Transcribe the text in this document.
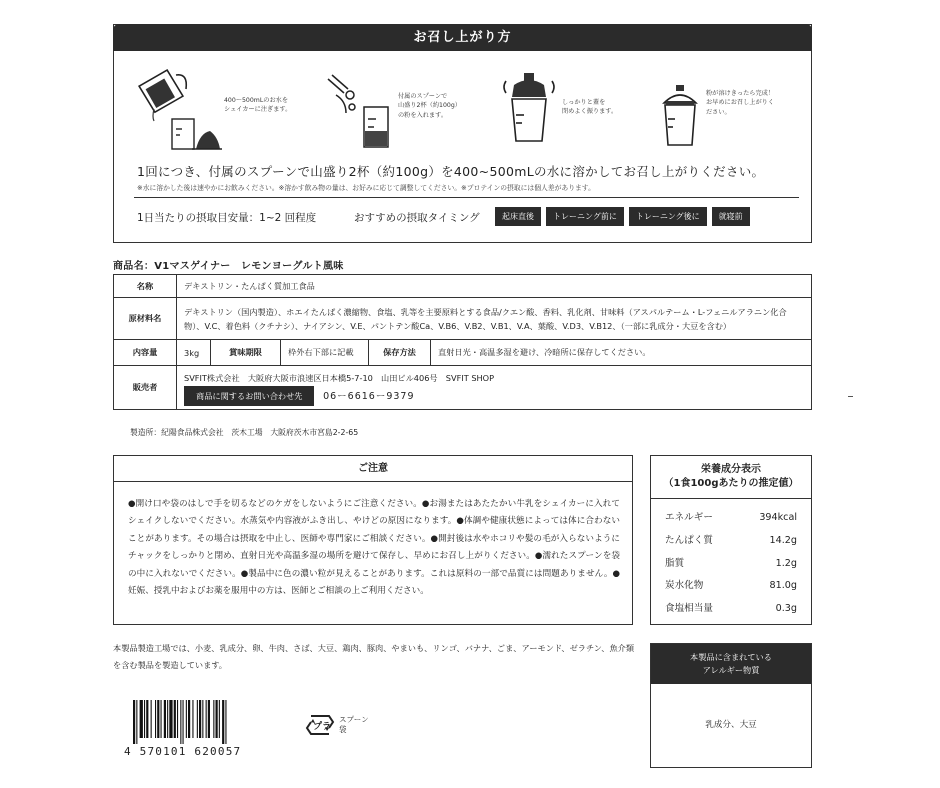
お召し上がり方
400～500mLのお水を
シェイカーに注ぎます。
付属のスプーンで
山盛り2杯（約100g）
の粉を入れます。
しっかりと蓋を
閉めよく振ります。
粉が溶けきったら完成！
お早めにお召し上がりく
ださい。
1回につき、付属のスプーンで山盛り2杯（約100g）を400~500mLの水に溶かしてお召し上がりください。
※水に溶かした後は速やかにお飲みください。※溶かす飲み物の量は、お好みに応じて調整してください。※プロテインの摂取には個人差があります。
1日当たりの摂取目安量：1~2 回程度	おすすめの摂取タイミング	起床直後	トレーニング前に	トレーニング後に	就寝前
商品名：V1マスゲイナー　レモンヨーグルト風味
名称	デキストリン・たんぱく質加工食品				
原材料名	デキストリン（国内製造）、ホエイたんぱく濃縮物、食塩、乳等を主要原料とする食品/クエン酸、香料、乳化剤、甘味料（アスパルテーム・L-フェニルアラニン化合物）、V.C、着色料（クチナシ）、ナイアシン、V.E、パントテン酸Ca、V.B6、V.B2、V.B1、V.A、葉酸、V.D3、V.B12、（一部に乳成分・大豆を含む）				
内容量	3kg	賞味期限	枠外右下部に記載	保存方法	直射日光・高温多湿を避け、冷暗所に保存してください。
販売者	SVFIT株式会社　大阪府大阪市浪速区日本橋5-7-10　山田ビル406号　SVFIT SHOP
商品に関するお問い合わせ先 06ー6616ー9379				
製造所：紀陽食品株式会社　茨木工場　大阪府茨木市宮島2-2-65
ご注意
●開け口や袋のはしで手を切るなどのケガをしないようにご注意ください。●お湯またはあたたかい牛乳をシェイカーに入れてシェイクしないでください。水蒸気や内容液がふき出し、やけどの原因になります。●体調や健康状態によっては体に合わないことがあります。その場合は摂取を中止し、医師や専門家にご相談ください。●開封後は水やホコリや髪の毛が入らないようにチャックをしっかりと閉め、直射日光や高温多湿の場所を避けて保存し、早めにお召し上がりください。●濡れたスプーンを袋の中に入れないでください。●製品中に色の濃い粒が見えることがあります。これは原料の一部で品質には問題ありません。●妊娠、授乳中およびお薬を服用中の方は、医師とご相談の上ご利用ください。
栄養成分表示
（1食100gあたりの推定値）
エネルギー	394kcal
たんぱく質	14.2g
脂質	1.2g
炭水化物	81.0g
食塩相当量	0.3g
本製品製造工場では、小麦、乳成分、卵、牛肉、さば、大豆、鶏肉、豚肉、やまいも、リンゴ、バナナ、ごま、アーモンド、ゼラチン、魚介類を含む製品を製造しています。
本製品に含まれている
アレルギー物質
乳成分、大豆
4 570101 620057
プラ
スプーン
袋
